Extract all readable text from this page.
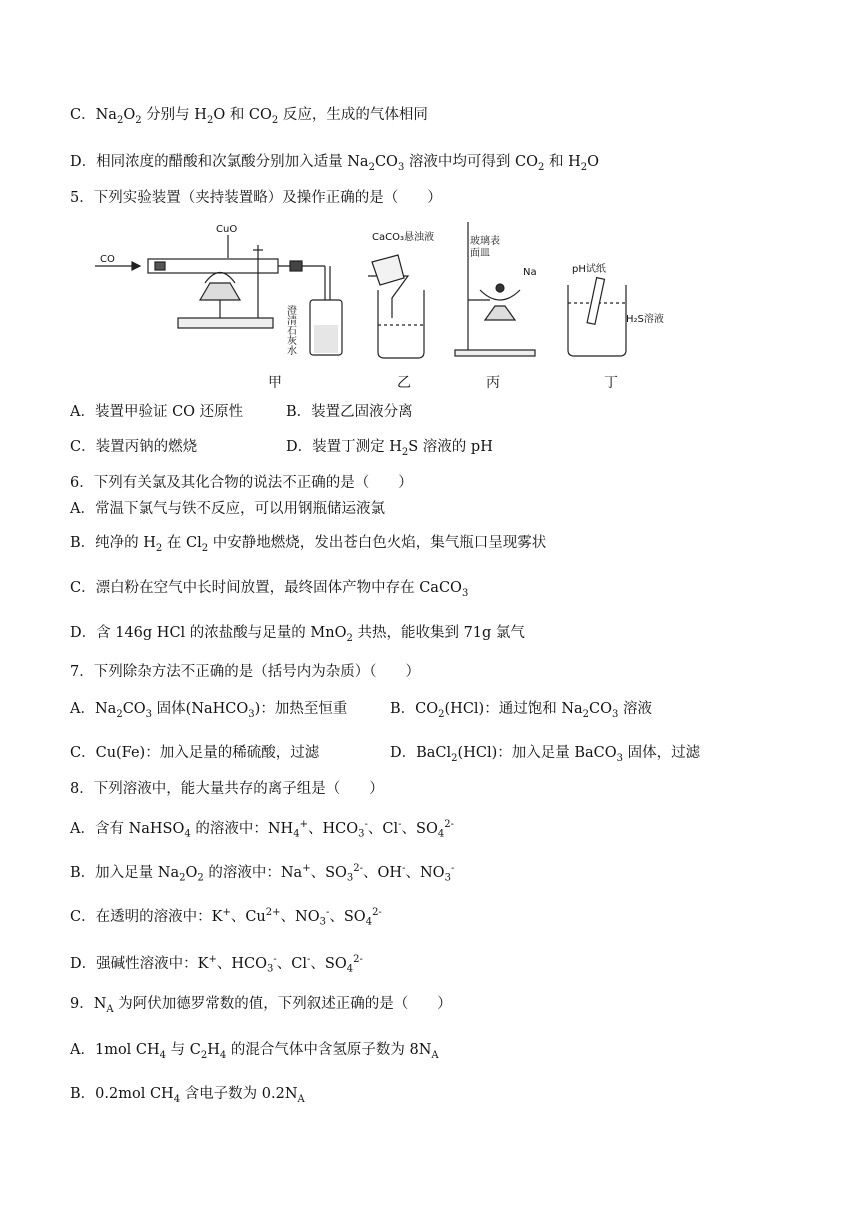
CuO
CO
澄清石灰水
CaCO₃悬浊液	玻璃表
面皿
Na	pH试纸
H₂S溶液
甲	乙	丙	丁
C．$Na_2O_2$ 分别与 $H_2O$ 和 $CO_2$ 反应，生成的气体相同
D．相同浓度的醋酸和次氯酸分别加入适量 $Na_2CO_3$ 溶液中均可得到 $CO_2$ 和 $H_2O$
5．下列实验装置（夹持装置略）及操作正确的是（　　）
6．下列有关氯及其化合物的说法不正确的是（　　）
A．常温下氯气与铁不反应，可以用钢瓶储运液氯
B．纯净的 $H_2$ 在 $Cl_2$ 中安静地燃烧，发出苍白色火焰，集气瓶口呈现雾状
C．漂白粉在空气中长时间放置，最终固体产物中存在 CaCO$_3$
D．含 146g HCl 的浓盐酸与足量的 MnO$_2$ 共热，能收集到 71g 氯气
7．下列除杂方法不正确的是（括号内为杂质）（　　）
8．下列溶液中，能大量共存的离子组是（　　）
A．含有 NaHSO$_4$ 的溶液中：$NH_4^+$、$HCO_3^-$、Cl-、$SO_4^{2-}$
B．加入足量 $Na_2O_2$ 的溶液中：Na+、$SO_3^{2-}$、OH-、$NO_3^-$
C．在透明的溶液中：K+、$Cu^{2+}$、$NO_3^-$、$SO_4^{2-}$
D．强碱性溶液中：K+、$HCO_3^-$、Cl-、$SO_4^{2-}$
9．$N_A$ 为阿伏加德罗常数的值，下列叙述正确的是（　　）
A．1mol $CH_4$ 与 $C_2H_4$ 的混合气体中含氢原子数为 $8N_A$
B．0.2mol $CH_4$ 含电子数为 $0.2N_A$
A．装置甲验证 CO 还原性	B．装置乙固液分离
C．装置丙钠的燃烧	D．装置丁测定 $H_2S$ 溶液的 pH
A．$Na_2CO_3$ 固体(NaHCO$_3$)：加热至恒重	B．$CO_2(HCl)$：通过饱和 $Na_2CO_3$ 溶液
C．Cu(Fe)：加入足量的稀硫酸，过滤	D．BaCl$_2$(HCl)：加入足量 BaCO$_3$ 固体，过滤
